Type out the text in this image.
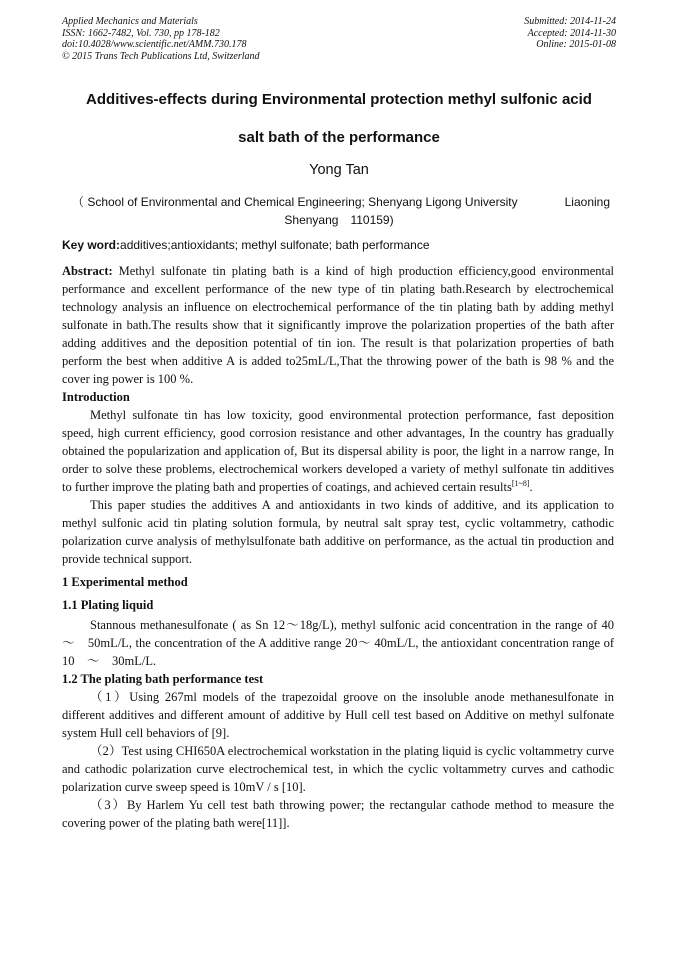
Applied Mechanics and Materials
ISSN: 1662-7482, Vol. 730, pp 178-182
doi:10.4028/www.scientific.net/AMM.730.178
© 2015 Trans Tech Publications Ltd, Switzerland
Submitted: 2014-11-24
Accepted: 2014-11-30
Online: 2015-01-08
Additives-effects during Environmental protection methyl sulfonic acid
salt bath of the performance
Yong Tan
（ School of Environmental and Chemical Engineering; Shenyang Ligong University	Liaoning
Shenyang　110159)
Key word:additives;antioxidants; methyl sulfonate; bath performance

Abstract: Methyl sulfonate tin plating bath is a kind of high production efficiency,good environmental performance and excellent performance of the new type of tin plating bath.Research by electrochemical technology analysis an influence on electrochemical performance of the tin plating bath by adding methyl sulfonate in bath.The results show that it significantly improve the polarization properties of the bath after adding additives and the deposition potential of tin ion. The result is that polarization properties of bath perform the best when additive A is added to25mL/L,That the throwing power of the bath is 98 % and the cover ing power is 100 %.

Introduction

Methyl sulfonate tin has low toxicity, good environmental protection performance, fast deposition speed, high current efficiency, good corrosion resistance and other advantages, In the country has gradually obtained the popularization and application of, But its dispersal ability is poor, the light in a narrow range, In order to solve these problems, electrochemical workers developed a variety of methyl sulfonate tin additives to further improve the plating bath and properties of coatings, and achieved certain results[1~8].

This paper studies the additives A and antioxidants in two kinds of additive, and its application to methyl sulfonic acid tin plating solution formula, by neutral salt spray test, cyclic voltammetry, cathodic polarization curve analysis of methylsulfonate bath additive on performance, as the actual tin production and provide technical support.

1 Experimental method

1.1 Plating liquid

Stannous methanesulfonate ( as Sn 12～18g/L), methyl sulfonic acid concentration in the range of 40　～　50mL/L, the concentration of the A additive range 20～ 40mL/L, the antioxidant concentration range of 10　～　30mL/L.

1.2 The plating bath performance test

（1）Using 267ml models of the trapezoidal groove on the insoluble anode methanesulfonate in different additives and different amount of additive by Hull cell test based on Additive on methyl sulfonate system Hull cell behaviors of [9].

（2）Test using CHI650A electrochemical workstation in the plating liquid is cyclic voltammetry curve and cathodic polarization curve electrochemical test, in which the cyclic voltammetry curves and cathodic polarization curve sweep speed is 10mV / s [10].

（3）By Harlem Yu cell test bath throwing power; the rectangular cathode method to measure the covering power of the plating bath were[11]].
